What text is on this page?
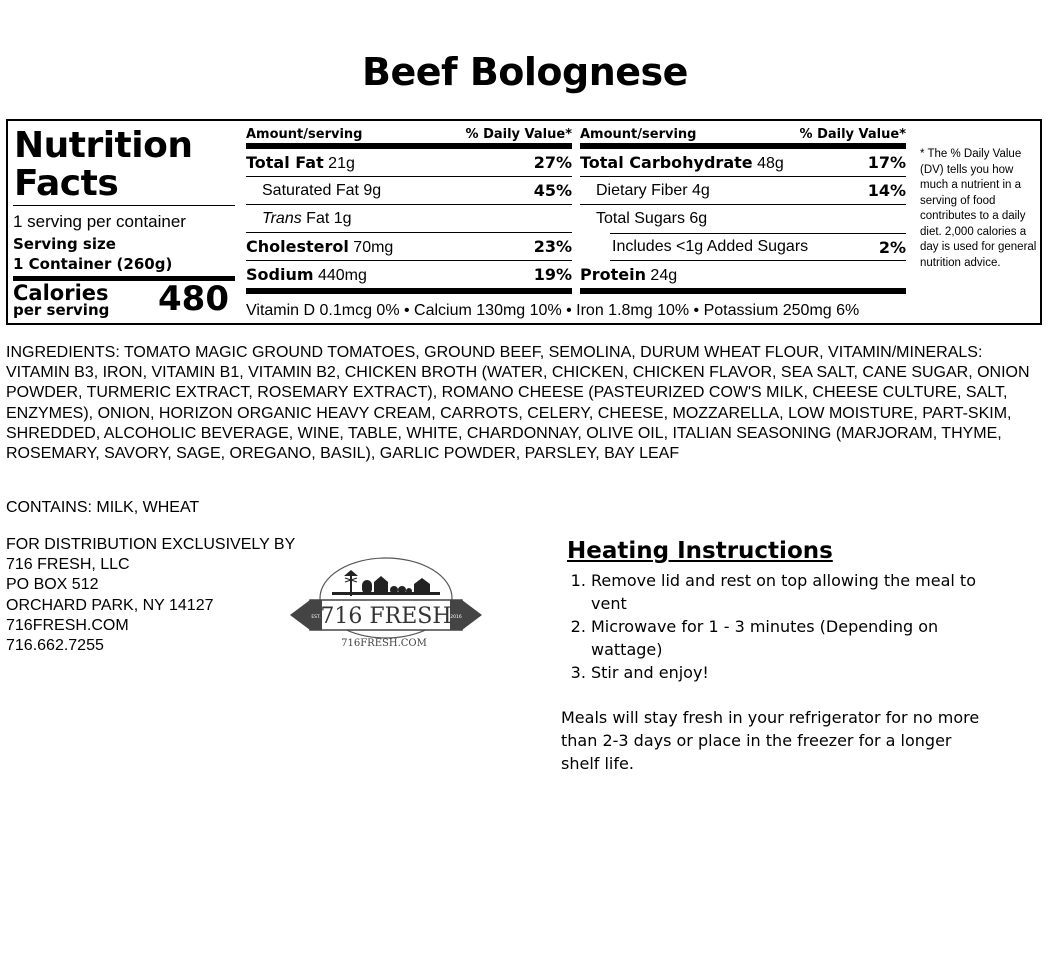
Beef Bolognese
Nutrition
Facts
1 serving per container
Serving size
1 Container (260g)
Calories
per serving 480
Amount/serving	% Daily Value*
Total Fat 21g	27%
Saturated Fat 9g	45%
Trans Fat 1g
Cholesterol 70mg	23%
Sodium 440mg	19%
Amount/serving	% Daily Value*
Total Carbohydrate 48g	17%
Dietary Fiber 4g	14%
Total Sugars 6g
Includes <1g Added Sugars	2%
Protein 24g
Vitamin D 0.1mcg 0% • Calcium 130mg 10% • Iron 1.8mg 10% • Potassium 250mg 6%
* The % Daily Value (DV) tells you how much a nutrient in a serving of food contributes to a daily diet. 2,000 calories a day is used for general nutrition advice.
INGREDIENTS: TOMATO MAGIC GROUND TOMATOES, GROUND BEEF, SEMOLINA, DURUM WHEAT FLOUR, VITAMIN/MINERALS: VITAMIN B3, IRON, VITAMIN B1, VITAMIN B2, CHICKEN BROTH (WATER, CHICKEN, CHICKEN FLAVOR, SEA SALT, CANE SUGAR, ONION POWDER, TURMERIC EXTRACT, ROSEMARY EXTRACT), ROMANO CHEESE (PASTEURIZED COW'S MILK, CHEESE CULTURE, SALT, ENZYMES), ONION, HORIZON ORGANIC HEAVY CREAM, CARROTS, CELERY, CHEESE, MOZZARELLA, LOW MOISTURE, PART-SKIM, SHREDDED, ALCOHOLIC BEVERAGE, WINE, TABLE, WHITE, CHARDONNAY, OLIVE OIL, ITALIAN SEASONING (MARJORAM, THYME, ROSEMARY, SAVORY, SAGE, OREGANO, BASIL), GARLIC POWDER, PARSLEY, BAY LEAF
CONTAINS: MILK, WHEAT
FOR DISTRIBUTION EXCLUSIVELY BY
716 FRESH, LLC
PO BOX 512
ORCHARD PARK, NY 14127
716FRESH.COM
716.662.7255
EST.	2016
716 FRESH
716FRESH.COM
Heating Instructions
1. Remove lid and rest on top allowing the meal to vent
2. Microwave for 1 - 3 minutes (Depending on wattage)
3. Stir and enjoy!
Meals will stay fresh in your refrigerator for no more than 2-3 days or place in the freezer for a longer shelf life.
